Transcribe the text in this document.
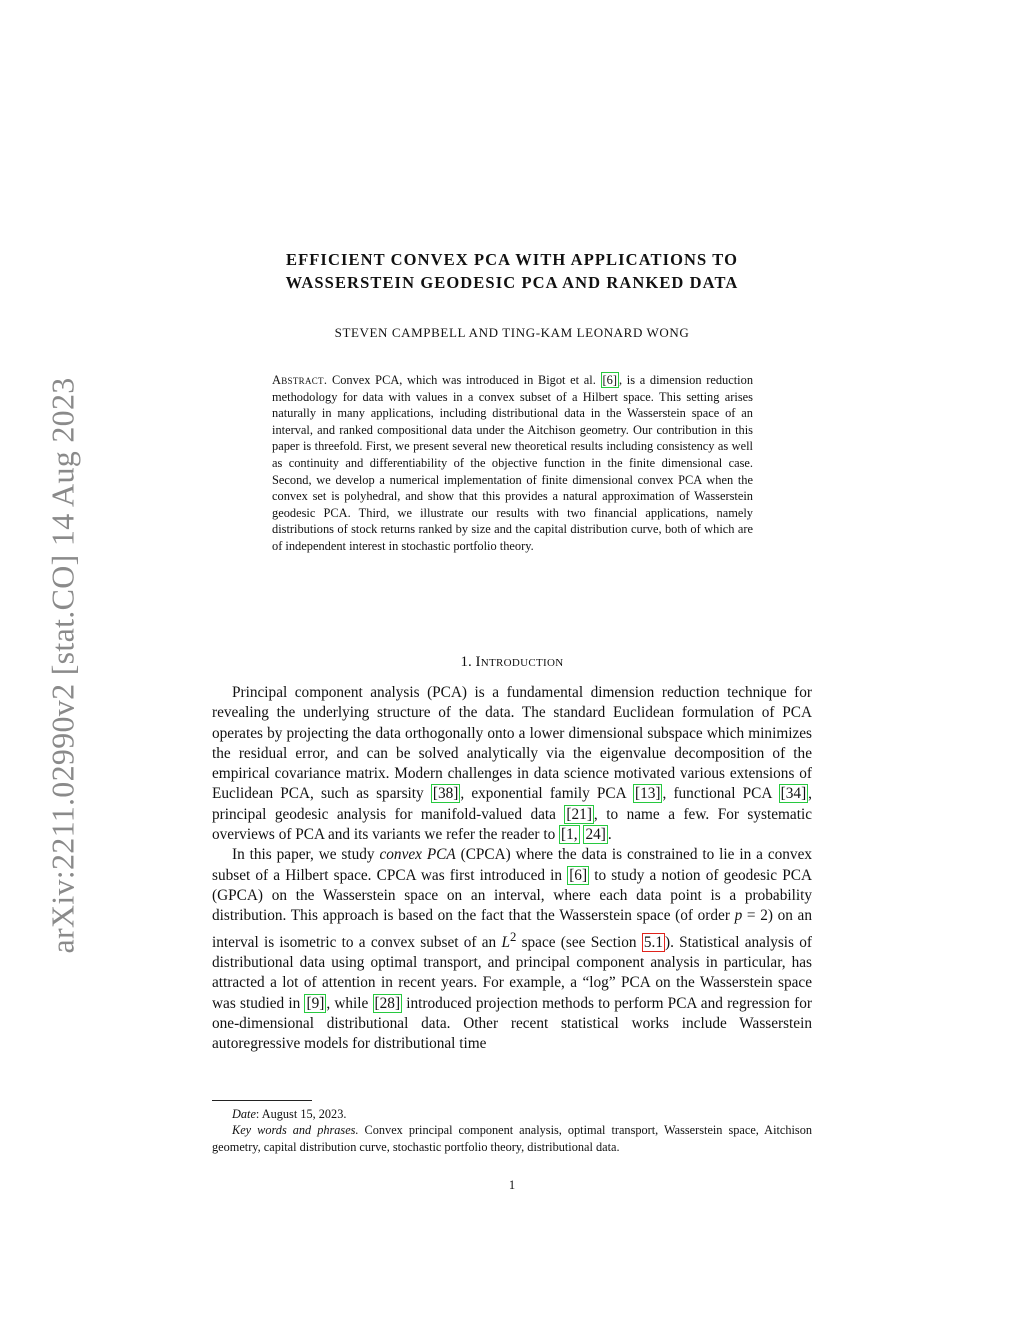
arXiv:2211.02990v2 [stat.CO] 14 Aug 2023
EFFICIENT CONVEX PCA WITH APPLICATIONS TO
WASSERSTEIN GEODESIC PCA AND RANKED DATA
STEVEN CAMPBELL AND TING-KAM LEONARD WONG
Abstract. Convex PCA, which was introduced in Bigot et al. [6] , is a dimension reduction methodology for data with values in a convex subset of a Hilbert space. This setting arises naturally in many applications, including distributional data in the Wasserstein space of an interval, and ranked compositional data under the Aitchison geometry. Our contribution in this paper is threefold. First, we present several new theoretical results including consistency as well as continuity and differentiability of the objective function in the finite dimensional case. Second, we develop a numerical implementation of finite dimensional convex PCA when the convex set is polyhedral, and show that this provides a natural approximation of Wasserstein geodesic PCA. Third, we illustrate our results with two financial applications, namely distributions of stock returns ranked by size and the capital distribution curve, both of which are of independent interest in stochastic portfolio theory.
1. Introduction

Principal component analysis (PCA) is a fundamental dimension reduction technique for revealing the underlying structure of the data. The standard Euclidean formulation of PCA operates by projecting the data orthogonally onto a lower dimensional subspace which minimizes the residual error, and can be solved analytically via the eigenvalue decomposition of the empirical covariance matrix. Modern challenges in data science motivated various extensions of Euclidean PCA, such as sparsity [38] , exponential family PCA [13] , functional PCA [34] , principal geodesic analysis for manifold-valued data [21] , to name a few. For systematic overviews of PCA and its variants we refer the reader to [1, 24] .

In this paper, we study convex PCA (CPCA) where the data is constrained to lie in a convex subset of a Hilbert space. CPCA was first introduced in [6] to study a notion of geodesic PCA (GPCA) on the Wasserstein space on an interval, where each data point is a probability distribution. This approach is based on the fact that the Wasserstein space (of order p = 2) on an interval is isometric to a convex subset of an $L^2$ space (see Section 5.1 ). Statistical analysis of distributional data using optimal transport, and principal component analysis in particular, has attracted a lot of attention in recent years. For example, a “log” PCA on the Wasserstein space was studied in [9] , while [28] introduced projection methods to perform PCA and regression for one-dimensional distributional data. Other recent statistical works include Wasserstein autoregressive models for distributional time

Date: August 15, 2023.

Key words and phrases. Convex principal component analysis, optimal transport, Wasserstein space, Aitchison geometry, capital distribution curve, stochastic portfolio theory, distributional data.

1
